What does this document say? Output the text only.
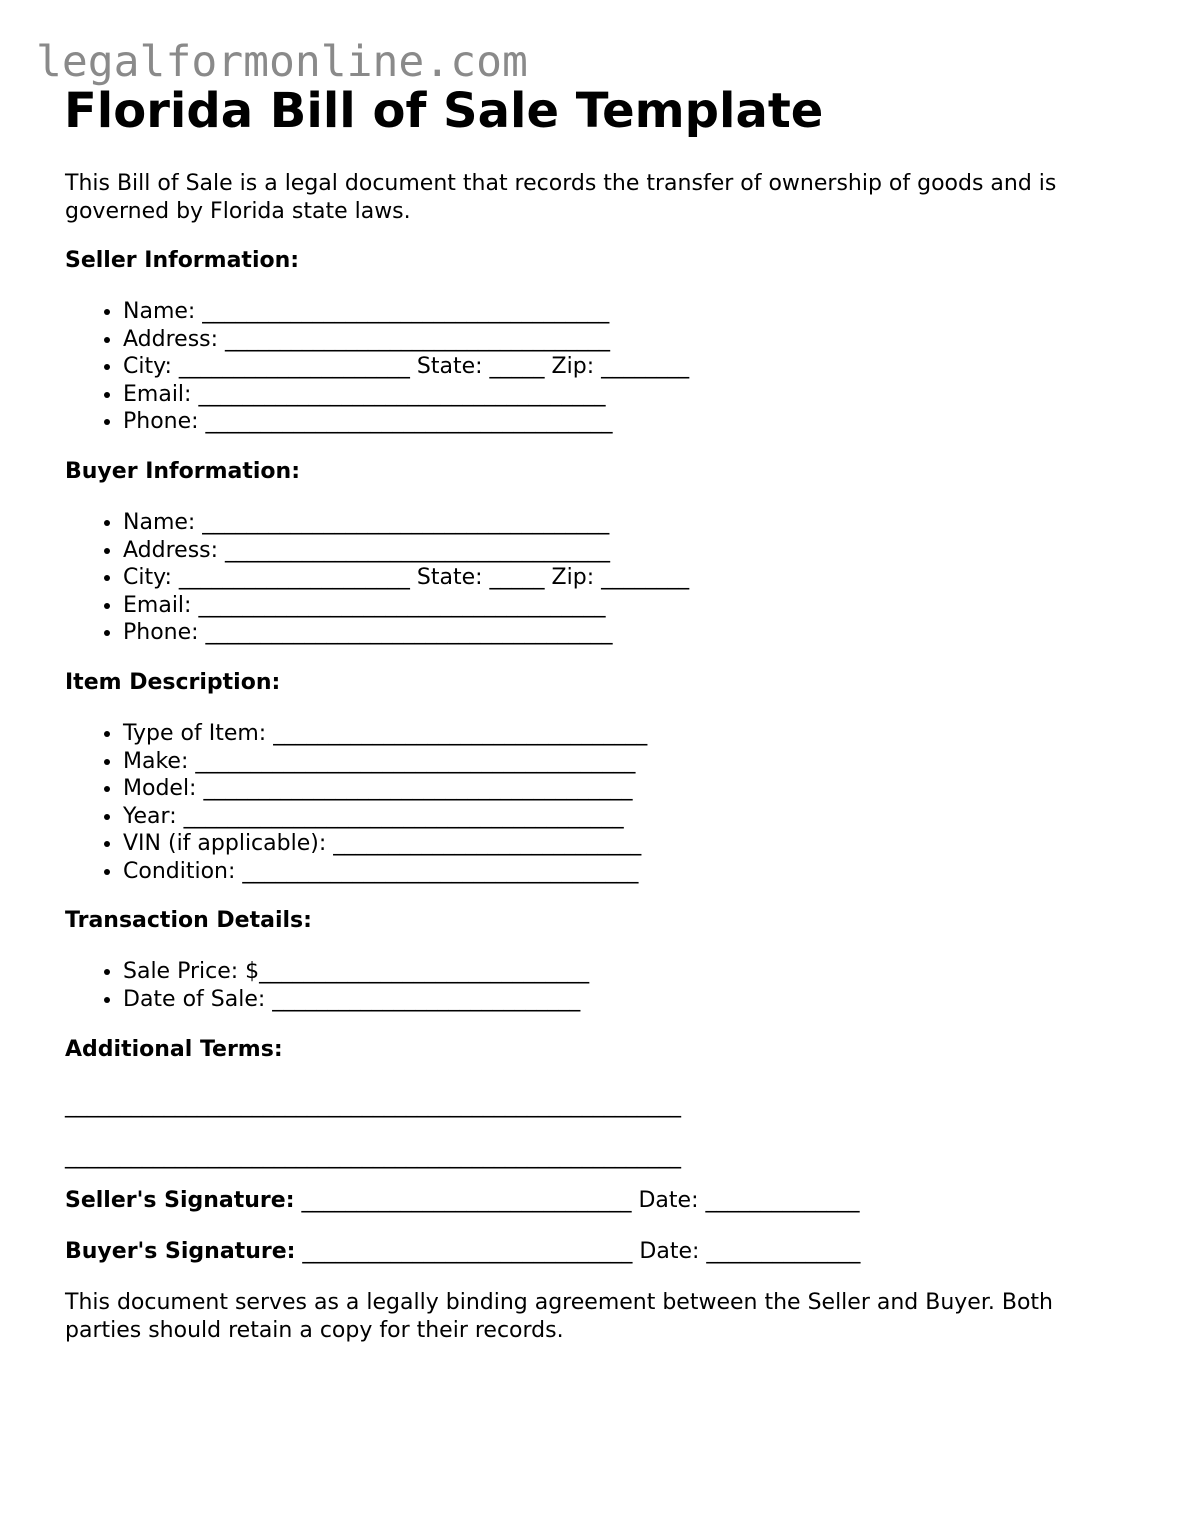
legalformonline.com
Florida Bill of Sale Template

This Bill of Sale is a legal document that records the transfer of ownership of goods and is governed by Florida state laws.

Seller Information:
• Name: _____________________________________
• Address: ___________________________________
• City: _____________________ State: _____ Zip: ________
• Email: _____________________________________
• Phone: _____________________________________
Buyer Information:
• Name: _____________________________________
• Address: ___________________________________
• City: _____________________ State: _____ Zip: ________
• Email: _____________________________________
• Phone: _____________________________________
Item Description:
• Type of Item: __________________________________
• Make: ________________________________________
• Model: _______________________________________
• Year: ________________________________________
• VIN (if applicable): ____________________________
• Condition: ____________________________________
Transaction Details:
• Sale Price: $______________________________
• Date of Sale: ____________________________
Additional Terms:

________________________________________________________

________________________________________________________

Seller's Signature: ______________________________ Date: ______________

Buyer's Signature: ______________________________ Date: ______________

This document serves as a legally binding agreement between the Seller and Buyer. Both parties should retain a copy for their records.
